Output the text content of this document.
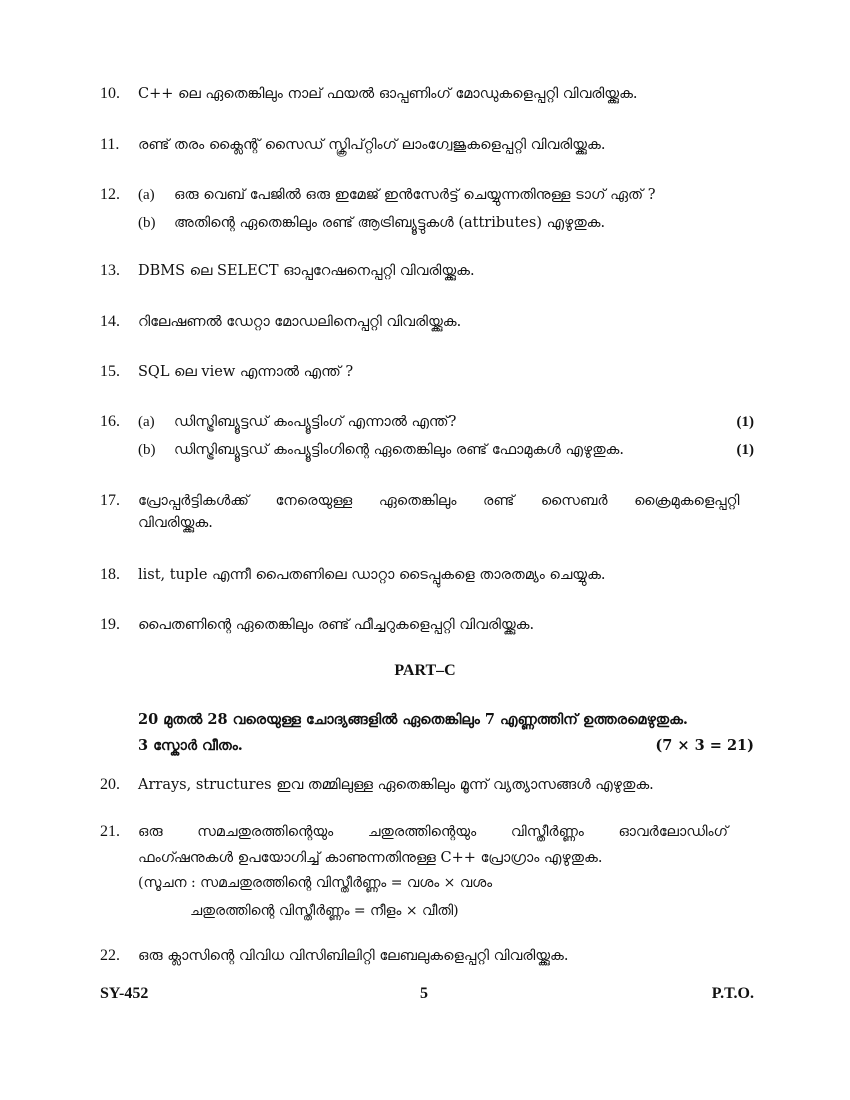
10. C++ ലെ ഏതെങ്കിലും നാല് ഫയൽ ഓപ്പണിംഗ് മോഡുകളെപ്പറ്റി വിവരിയ്ക്കുക.
11. രണ്ട് തരം ക്ലൈന്റ് സൈഡ് സ്ക്രിപ്റ്റിംഗ് ലാംഗ്വേജുകളെപ്പറ്റി വിവരിയ്ക്കുക.
12. (a) ഒരു വെബ് പേജിൽ ഒരു ഇമേജ് ഇൻസേർട്ട് ചെയ്യുന്നതിനുള്ള ടാഗ് ഏത് ?
(b) അതിന്റെ ഏതെങ്കിലും രണ്ട് ആട്രിബ്യൂട്ടുകൾ (attributes) എഴുതുക.
13. DBMS ലെ SELECT ഓപ്പറേഷനെപ്പറ്റി വിവരിയ്ക്കുക.
14. റിലേഷണൽ ഡേറ്റാ മോഡലിനെപ്പറ്റി വിവരിയ്ക്കുക.
15. SQL ലെ view എന്നാൽ എന്ത് ?
16. (a) ഡിസ്ട്രിബ്യൂട്ടഡ് കംപ്യൂട്ടിംഗ് എന്നാൽ എന്ത്?	(1)
(b) ഡിസ്ട്രിബ്യൂട്ടഡ് കംപ്യൂട്ടിംഗിന്റെ ഏതെങ്കിലും രണ്ട് ഫോമുകൾ എഴുതുക.	(1)
17. പ്രോപ്പർട്ടികൾക്ക് നേരെയുള്ള ഏതെങ്കിലും രണ്ട് സൈബർ ക്രൈമുകളെപ്പറ്റി
വിവരിയ്ക്കുക.
18. list, tuple എന്നീ പൈതണിലെ ഡാറ്റാ ടൈപ്പുകളെ താരതമ്യം ചെയ്യുക.
19. പൈതണിന്റെ ഏതെങ്കിലും രണ്ട് ഫീച്ചറുകളെപ്പറ്റി വിവരിയ്ക്കുക.
PART–C
20 മുതൽ 28 വരെയുള്ള ചോദ്യങ്ങളിൽ ഏതെങ്കിലും 7 എണ്ണത്തിന് ഉത്തരമെഴുതുക.
3 സ്കോർ വീതം.	(7 × 3 = 21)
20. Arrays, structures ഇവ തമ്മിലുള്ള ഏതെങ്കിലും മൂന്ന് വ്യത്യാസങ്ങൾ എഴുതുക.
21. ഒരു സമചതുരത്തിന്റെയും ചതുരത്തിന്റെയും വിസ്തീർണ്ണം ഓവർലോഡിംഗ്
ഫംഗ്ഷനുകൾ ഉപയോഗിച്ച് കാണുന്നതിനുള്ള C++ പ്രോഗ്രാം എഴുതുക.
(സൂചന : സമചതുരത്തിന്റെ വിസ്തീർണ്ണം = വശം × വശം
ചതുരത്തിന്റെ വിസ്തീർണ്ണം = നീളം × വീതി)
22. ഒരു ക്ലാസിന്റെ വിവിധ വിസിബിലിറ്റി ലേബലുകളെപ്പറ്റി വിവരിയ്ക്കുക.
SY-452	5	P.T.O.
